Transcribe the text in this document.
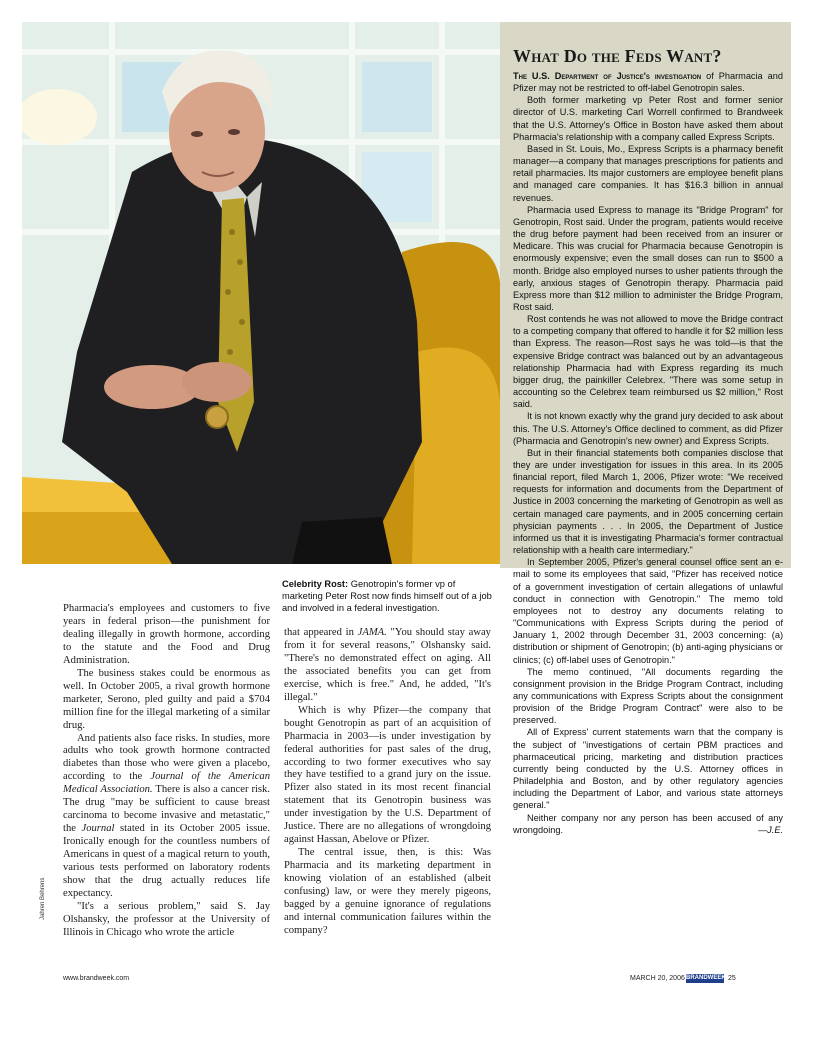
What Do the Feds Want?

The U.S. Department of Justice's investigation of Pharmacia and Pfizer may not be restricted to off-label Genotropin sales.

Both former marketing vp Peter Rost and former senior director of U.S. marketing Carl Worrell confirmed to Brandweek that the U.S. Attorney's Office in Boston have asked them about Pharmacia's relationship with a company called Express Scripts.

Based in St. Louis, Mo., Express Scripts is a pharmacy benefit manager—a company that manages prescriptions for patients and retail pharmacies. Its major customers are employee benefit plans and managed care companies. It has $16.3 billion in annual revenues.

Pharmacia used Express to manage its "Bridge Program" for Genotropin, Rost said. Under the program, patients would receive the drug before payment had been received from an insurer or Medicare. This was crucial for Pharmacia because Genotropin is enormously expensive; even the small doses can run to $500 a month. Bridge also employed nurses to usher patients through the early, anxious stages of Genotropin therapy. Pharmacia paid Express more than $12 million to administer the Bridge Program, Rost said.

Rost contends he was not allowed to move the Bridge contract to a competing company that offered to handle it for $2 million less than Express. The reason—Rost says he was told—is that the expensive Bridge contract was balanced out by an advantageous relationship Pharmacia had with Express regarding its much bigger drug, the painkiller Celebrex. "There was some setup in accounting so the Celebrex team reimbursed us $2 million," Rost said.

It is not known exactly why the grand jury decided to ask about this. The U.S. Attorney's Office declined to comment, as did Pfizer (Pharmacia and Genotropin's new owner) and Express Scripts.

But in their financial statements both companies disclose that they are under investigation for issues in this area. In its 2005 financial report, filed March 1, 2006, Pfizer wrote: "We received requests for information and documents from the Department of Justice in 2003 concerning the marketing of Genotropin as well as certain managed care payments, and in 2005 concerning certain physician payments . . . In 2005, the Department of Justice informed us that it is investigating Pharmacia's former contractual relationship with a health care intermediary."

In September 2005, Pfizer's general counsel office sent an e-mail to some its employees that said, "Pfizer has received notice of a government investigation of certain allegations of unlawful conduct in connection with Genotropin." The memo told employees not to destroy any documents relating to "Communications with Express Scripts during the period of January 1, 2002 through December 31, 2003 concerning: (a) distribution or shipment of Genotropin; (b) anti-aging physicians or clinics; (c) off-label uses of Genotropin."

The memo continued, "All documents regarding the consignment provision in the Bridge Program Contract, including any communications with Express Scripts about the consignment provision of the Bridge Program Contract" were also to be preserved.

All of Express' current statements warn that the company is the subject of "investigations of certain PBM practices and pharmaceutical pricing, marketing and distribution practices currently being conducted by the U.S. Attorney offices in Philadelphia and Boston, and by other regulatory agencies including the Department of Labor, and various state attorneys general."

Neither company nor any person has been accused of any wrongdoing.	—J.E.

Celebrity Rost: Genotropin's former vp of marketing Peter Rost now finds himself out of a job and involved in a federal investigation.

Pharmacia's employees and customers to five years in federal prison—the punishment for dealing illegally in growth hormone, according to the statute and the Food and Drug Administration.

The business stakes could be enormous as well. In October 2005, a rival growth hormone marketer, Serono, pled guilty and paid a $704 million fine for the illegal marketing of a similar drug.

And patients also face risks. In studies, more adults who took growth hormone contracted diabetes than those who were given a placebo, according to the Journal of the American Medical Association. There is also a cancer risk. The drug "may be sufficient to cause breast carcinoma to become invasive and metastatic," the Journal stated in its October 2005 issue. Ironically enough for the countless numbers of Americans in quest of a magical return to youth, various tests performed on laboratory rodents show that the drug actually reduces life expectancy.

"It's a serious problem," said S. Jay Olshansky, the professor at the University of Illinois in Chicago who wrote the article

that appeared in JAMA. "You should stay away from it for several reasons," Olshansky said. "There's no demonstrated effect on aging. All the associated benefits you can get from exercise, which is free." And, he added, "It's illegal."

Which is why Pfizer—the company that bought Genotropin as part of an acquisition of Pharmacia in 2003—is under investigation by federal authorities for past sales of the drug, according to two former executives who say they have testified to a grand jury on the issue. Pfizer also stated in its most recent financial statement that its Genotropin business was under investigation by the U.S. Department of Justice. There are no allegations of wrongdoing against Hassan, Abelove or Pfizer.

The central issue, then, is this: Was Pharmacia and its marketing department in knowing violation of an established (albeit confusing) law, or were they merely pigeons, bagged by a genuine ignorance of regulations and internal communication failures within the company?

Jahren Behrens
www.brandweek.com	MARCH 20, 2006 BRANDWEEK 25
